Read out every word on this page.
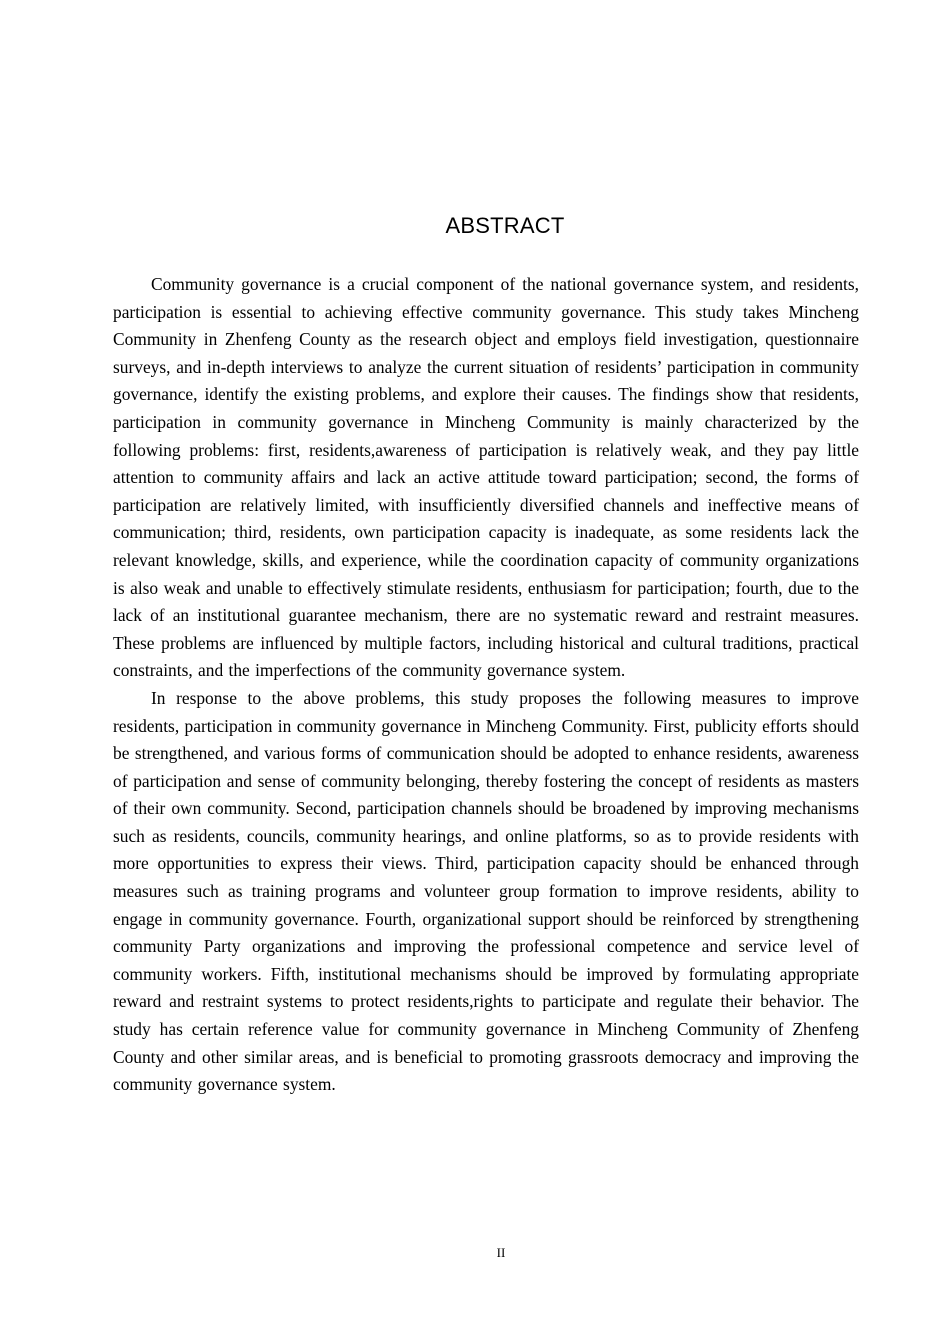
ABSTRACT

Community governance is a crucial component of the national governance system, and residents, participation is essential to achieving effective community governance. This study takes Mincheng Community in Zhenfeng County as the research object and employs field investigation, questionnaire surveys, and in-depth interviews to analyze the current situation of residents’ participation in community governance, identify the existing problems, and explore their causes. The findings show that residents, participation in community governance in Mincheng Community is mainly characterized by the following problems: first, residents,awareness of participation is relatively weak, and they pay little attention to community affairs and lack an active attitude toward participation; second, the forms of participation are relatively limited, with insufficiently diversified channels and ineffective means of communication; third, residents, own participation capacity is inadequate, as some residents lack the relevant knowledge, skills, and experience, while the coordination capacity of community organizations is also weak and unable to effectively stimulate residents, enthusiasm for participation; fourth, due to the lack of an institutional guarantee mechanism, there are no systematic reward and restraint measures. These problems are influenced by multiple factors, including historical and cultural traditions, practical constraints, and the imperfections of the community governance system.

In response to the above problems, this study proposes the following measures to improve residents, participation in community governance in Mincheng Community. First, publicity efforts should be strengthened, and various forms of communication should be adopted to enhance residents, awareness of participation and sense of community belonging, thereby fostering the concept of residents as masters of their own community. Second, participation channels should be broadened by improving mechanisms such as residents, councils, community hearings, and online platforms, so as to provide residents with more opportunities to express their views. Third, participation capacity should be enhanced through measures such as training programs and volunteer group formation to improve residents, ability to engage in community governance. Fourth, organizational support should be reinforced by strengthening community Party organizations and improving the professional competence and service level of community workers. Fifth, institutional mechanisms should be improved by formulating appropriate reward and restraint systems to protect residents,rights to participate and regulate their behavior. The study has certain reference value for community governance in Mincheng Community of Zhenfeng County and other similar areas, and is beneficial to promoting grassroots democracy and improving the community governance system.

II
